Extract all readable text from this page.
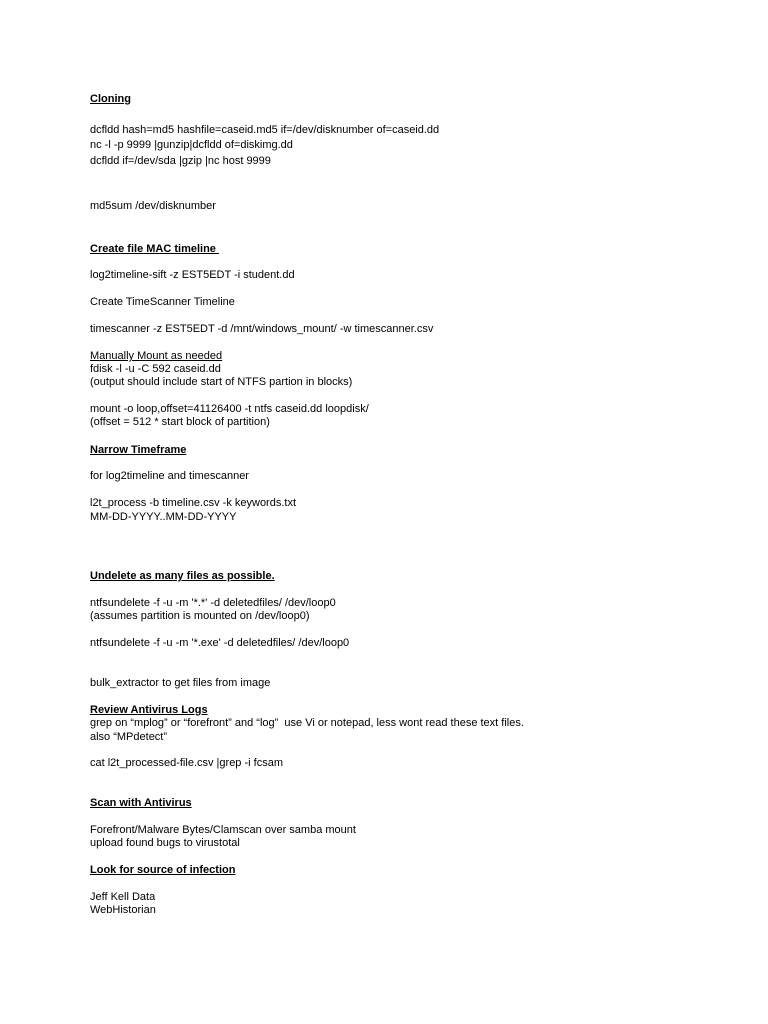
Cloning
dcfldd hash=md5 hashfile=caseid.md5 if=/dev/disknumber of=caseid.dd
nc -l -p 9999 |gunzip|dcfldd of=diskimg.dd
dcfldd if=/dev/sda |gzip |nc host 9999
md5sum /dev/disknumber
Create file MAC timeline
log2timeline-sift -z EST5EDT -i student.dd
Create TimeScanner Timeline
timescanner -z EST5EDT -d /mnt/windows_mount/ -w timescanner.csv
Manually Mount as needed
fdisk -l -u -C 592 caseid.dd
(output should include start of NTFS partion in blocks)
mount -o loop,offset=41126400 -t ntfs caseid.dd loopdisk/
(offset = 512 * start block of partition)
Narrow Timeframe
for log2timeline and timescanner
l2t_process -b timeline.csv -k keywords.txt
MM-DD-YYYY..MM-DD-YYYY
Undelete as many files as possible.
ntfsundelete -f -u -m '*.*' -d deletedfiles/ /dev/loop0
(assumes partition is mounted on /dev/loop0)
ntfsundelete -f -u -m '*.exe' -d deletedfiles/ /dev/loop0
bulk_extractor to get files from image
Review Antivirus Logs
grep on “mplog” or “forefront” and “log”  use Vi or notepad, less wont read these text files.
also “MPdetect”
cat l2t_processed-file.csv |grep -i fcsam
Scan with Antivirus
Forefront/Malware Bytes/Clamscan over samba mount
upload found bugs to virustotal
Look for source of infection
Jeff Kell Data
WebHistorian
